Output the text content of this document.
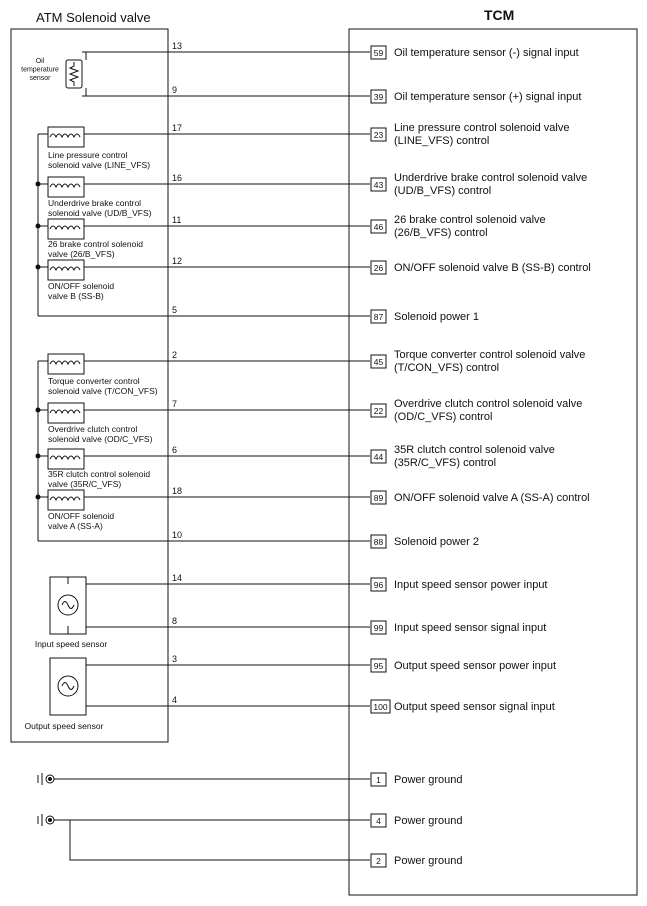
ATM Solenoid valve	TCM
Oil
temperature
sensor
Line pressure control
solenoid valve (LINE_VFS)
Underdrive brake control
solenoid valve (UD/B_VFS)
26 brake control solenoid
valve (26/B_VFS)
ON/OFF solenoid
valve B (SS-B)
Torque converter control
solenoid valve (T/CON_VFS)
Overdrive clutch control
solenoid valve (OD/C_VFS)
35R clutch control solenoid
valve (35R/C_VFS)
ON/OFF solenoid
valve A (SS-A)
Input speed sensor
Output speed sensor
13
59 Oil temperature sensor (-) signal input
9
39 Oil temperature sensor (+) signal input
17
23
Line pressure control solenoid valve
(LINE_VFS) control
16
43
Underdrive brake control solenoid valve
(UD/B_VFS) control
11
46
26 brake control solenoid valve
(26/B_VFS) control
12
26 ON/OFF solenoid valve B (SS-B) control
5
87 Solenoid power 1
2
45
Torque converter control solenoid valve
(T/CON_VFS) control
7
22
Overdrive clutch control solenoid valve
(OD/C_VFS) control
6
44
35R clutch control solenoid valve
(35R/C_VFS) control
18
89 ON/OFF solenoid valve A (SS-A) control
10
88 Solenoid power 2
14
96 Input speed sensor power input
8
99 Input speed sensor signal input
3
95 Output speed sensor power input
4
100 Output speed sensor signal input
1 Power ground
4 Power ground
2 Power ground
